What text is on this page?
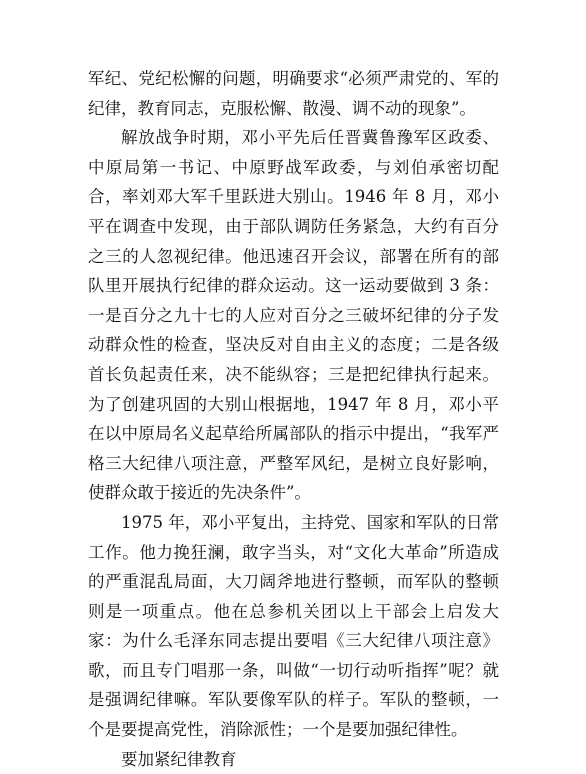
军纪、党纪松懈的问题，明确要求“必须严肃党的、军的纪律，教育同志，克服松懈、散漫、调不动的现象”。

解放战争时期，邓小平先后任晋冀鲁豫军区政委、中原局第一书记、中原野战军政委，与刘伯承密切配合，率刘邓大军千里跃进大别山。1946 年 8 月，邓小平在调查中发现，由于部队调防任务紧急，大约有百分之三的人忽视纪律。他迅速召开会议，部署在所有的部队里开展执行纪律的群众运动。这一运动要做到 3 条：一是百分之九十七的人应对百分之三破坏纪律的分子发动群众性的检查，坚决反对自由主义的态度；二是各级首长负起责任来，决不能纵容；三是把纪律执行起来。为了创建巩固的大别山根据地，1947 年 8 月，邓小平在以中原局名义起草给所属部队的指示中提出，“我军严格三大纪律八项注意，严整军风纪，是树立良好影响，使群众敢于接近的先决条件”。

1975 年，邓小平复出，主持党、国家和军队的日常工作。他力挽狂澜，敢字当头，对“文化大革命”所造成的严重混乱局面，大刀阔斧地进行整顿，而军队的整顿则是一项重点。他在总参机关团以上干部会上启发大家：为什么毛泽东同志提出要唱《三大纪律八项注意》歌，而且专门唱那一条，叫做“一切行动听指挥”呢？就是强调纪律嘛。军队要像军队的样子。军队的整顿，一个是要提高党性，消除派性；一个是要加强纪律性。

要加紧纪律教育
